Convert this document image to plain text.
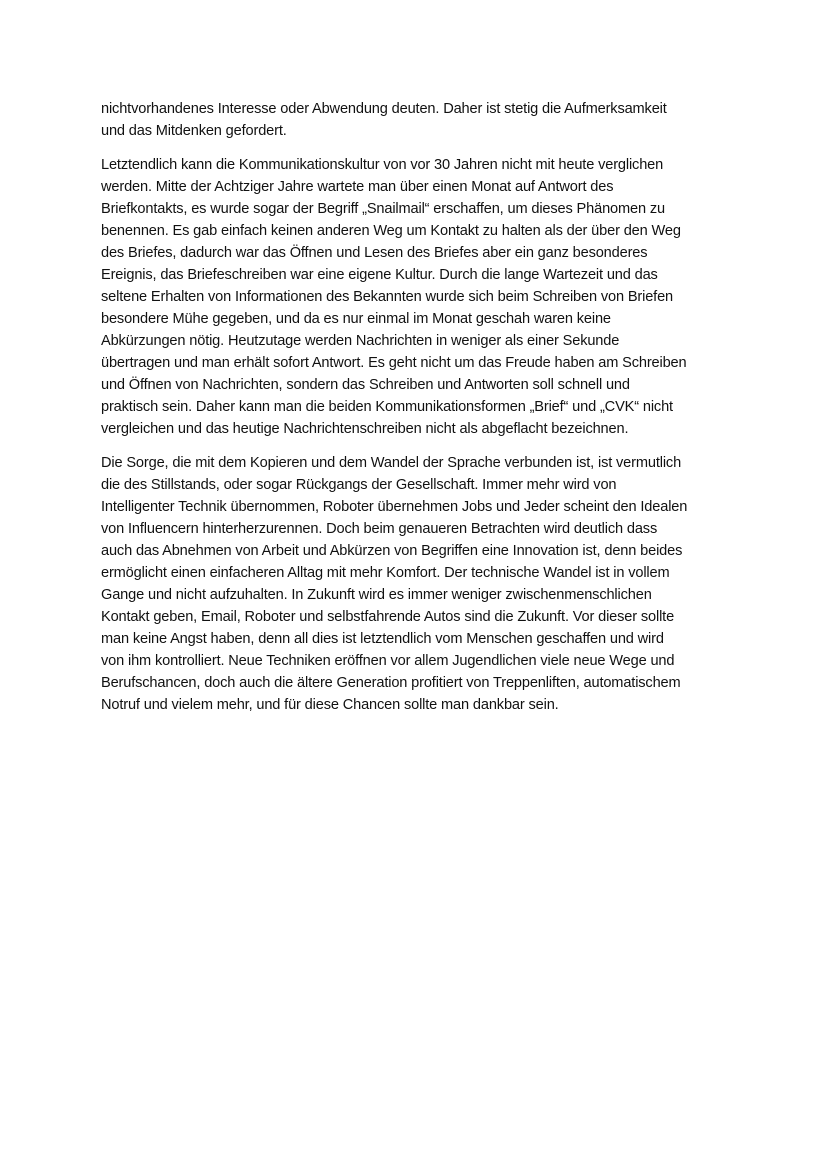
nichtvorhandenes Interesse oder Abwendung deuten. Daher ist stetig die Aufmerksamkeit
und das Mitdenken gefordert.

Letztendlich kann die Kommunikationskultur von vor 30 Jahren nicht mit heute verglichen
werden. Mitte der Achtziger Jahre wartete man über einen Monat auf Antwort des
Briefkontakts, es wurde sogar der Begriff „Snailmail“ erschaffen, um dieses Phänomen zu
benennen. Es gab einfach keinen anderen Weg um Kontakt zu halten als der über den Weg
des Briefes, dadurch war das Öffnen und Lesen des Briefes aber ein ganz besonderes
Ereignis, das Briefeschreiben war eine eigene Kultur. Durch die lange Wartezeit und das
seltene Erhalten von Informationen des Bekannten wurde sich beim Schreiben von Briefen
besondere Mühe gegeben, und da es nur einmal im Monat geschah waren keine
Abkürzungen nötig. Heutzutage werden Nachrichten in weniger als einer Sekunde
übertragen und man erhält sofort Antwort. Es geht nicht um das Freude haben am Schreiben
und Öffnen von Nachrichten, sondern das Schreiben und Antworten soll schnell und
praktisch sein. Daher kann man die beiden Kommunikationsformen „Brief“ und „CVK“ nicht
vergleichen und das heutige Nachrichtenschreiben nicht als abgeflacht bezeichnen.

Die Sorge, die mit dem Kopieren und dem Wandel der Sprache verbunden ist, ist vermutlich
die des Stillstands, oder sogar Rückgangs der Gesellschaft. Immer mehr wird von
Intelligenter Technik übernommen, Roboter übernehmen Jobs und Jeder scheint den Idealen
von Influencern hinterherzurennen. Doch beim genaueren Betrachten wird deutlich dass
auch das Abnehmen von Arbeit und Abkürzen von Begriffen eine Innovation ist, denn beides
ermöglicht einen einfacheren Alltag mit mehr Komfort. Der technische Wandel ist in vollem
Gange und nicht aufzuhalten. In Zukunft wird es immer weniger zwischenmenschlichen
Kontakt geben, Email, Roboter und selbstfahrende Autos sind die Zukunft. Vor dieser sollte
man keine Angst haben, denn all dies ist letztendlich vom Menschen geschaffen und wird
von ihm kontrolliert. Neue Techniken eröffnen vor allem Jugendlichen viele neue Wege und
Berufschancen, doch auch die ältere Generation profitiert von Treppenliften, automatischem
Notruf und vielem mehr, und für diese Chancen sollte man dankbar sein.
